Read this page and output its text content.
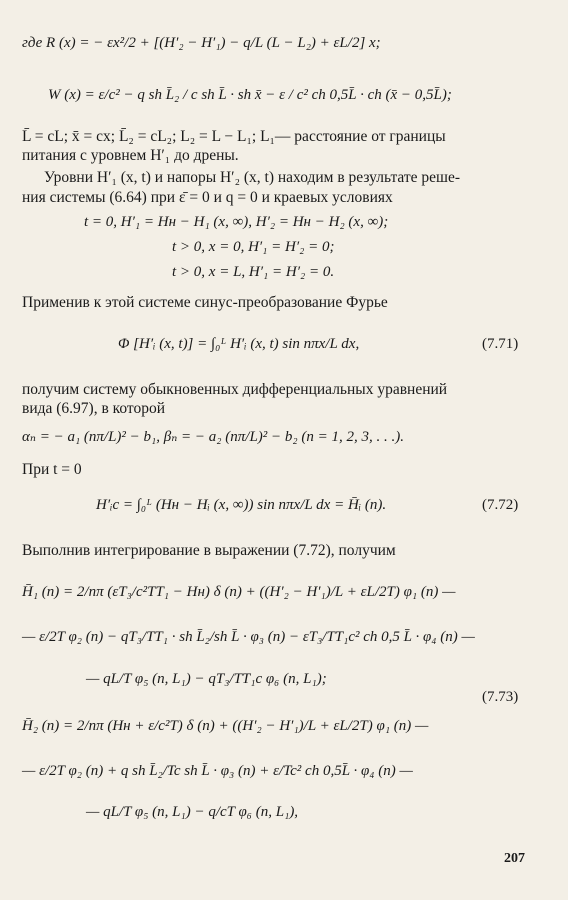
где R (x) = − εx²/2 + [(H′₂ − H′₁) − q/L (L − L₂) + εL/2] x;
W (x) = ε/c² − q sh L̄₂ / c sh L̄ · sh x̄ − ε / c² ch 0,5L̄ · ch (x̄ − 0,5L̄);
L̄ = cL; x̄ = cx; L̄₂ = cL₂; L₂ = L − L₁; L₁— расстояние от границы
питания с уровнем H′₁ до дрены.
Уровни H′₁ (x, t) и напоры H′₂ (x, t) находим в результате реше-
ния системы (6.64) при ε̄ = 0 и q = 0 и краевых условиях
t = 0, H′₁ = Hн − H₁ (x, ∞), H′₂ = Hн − H₂ (x, ∞);
t > 0, x = 0, H′₁ = H′₂ = 0;
t > 0, x = L, H′₁ = H′₂ = 0.
Применив к этой системе синус-преобразование Фурье
Φ [H′ᵢ (x, t)] = ∫₀ᴸ H′ᵢ (x, t) sin nπx/L dx,	(7.71)
получим систему обыкновенных дифференциальных уравнений
вида (6.97), в которой
αₙ = − a₁ (nπ/L)² − b₁, βₙ = − a₂ (nπ/L)² − b₂ (n = 1, 2, 3, . . .).
При t = 0
H′ᵢc = ∫₀ᴸ (Hн − Hᵢ (x, ∞)) sin nπx/L dx = H̄ᵢ (n).	(7.72)
Выполнив интегрирование в выражении (7.72), получим
H̄₁ (n) = 2/nπ (εT₃/c²TT₁ − Hн) δ (n) + ((H′₂ − H′₁)/L + εL/2T) φ₁ (n) —
— ε/2T φ₂ (n) − qT₃/TT₁ · sh L̄₂/sh L̄ · φ₃ (n) − εT₃/TT₁c² ch 0,5 L̄ · φ₄ (n) —
— qL/T φ₅ (n, L₁) − qT₃/TT₁c φ₆ (n, L₁);
(7.73)
H̄₂ (n) = 2/nπ (Hн + ε/c²T) δ (n) + ((H′₂ − H′₁)/L + εL/2T) φ₁ (n) —
— ε/2T φ₂ (n) + q sh L̄₂/Tc sh L̄ · φ₃ (n) + ε/Tc² ch 0,5L̄ · φ₄ (n) —
— qL/T φ₅ (n, L₁) − q/cT φ₆ (n, L₁),
207
